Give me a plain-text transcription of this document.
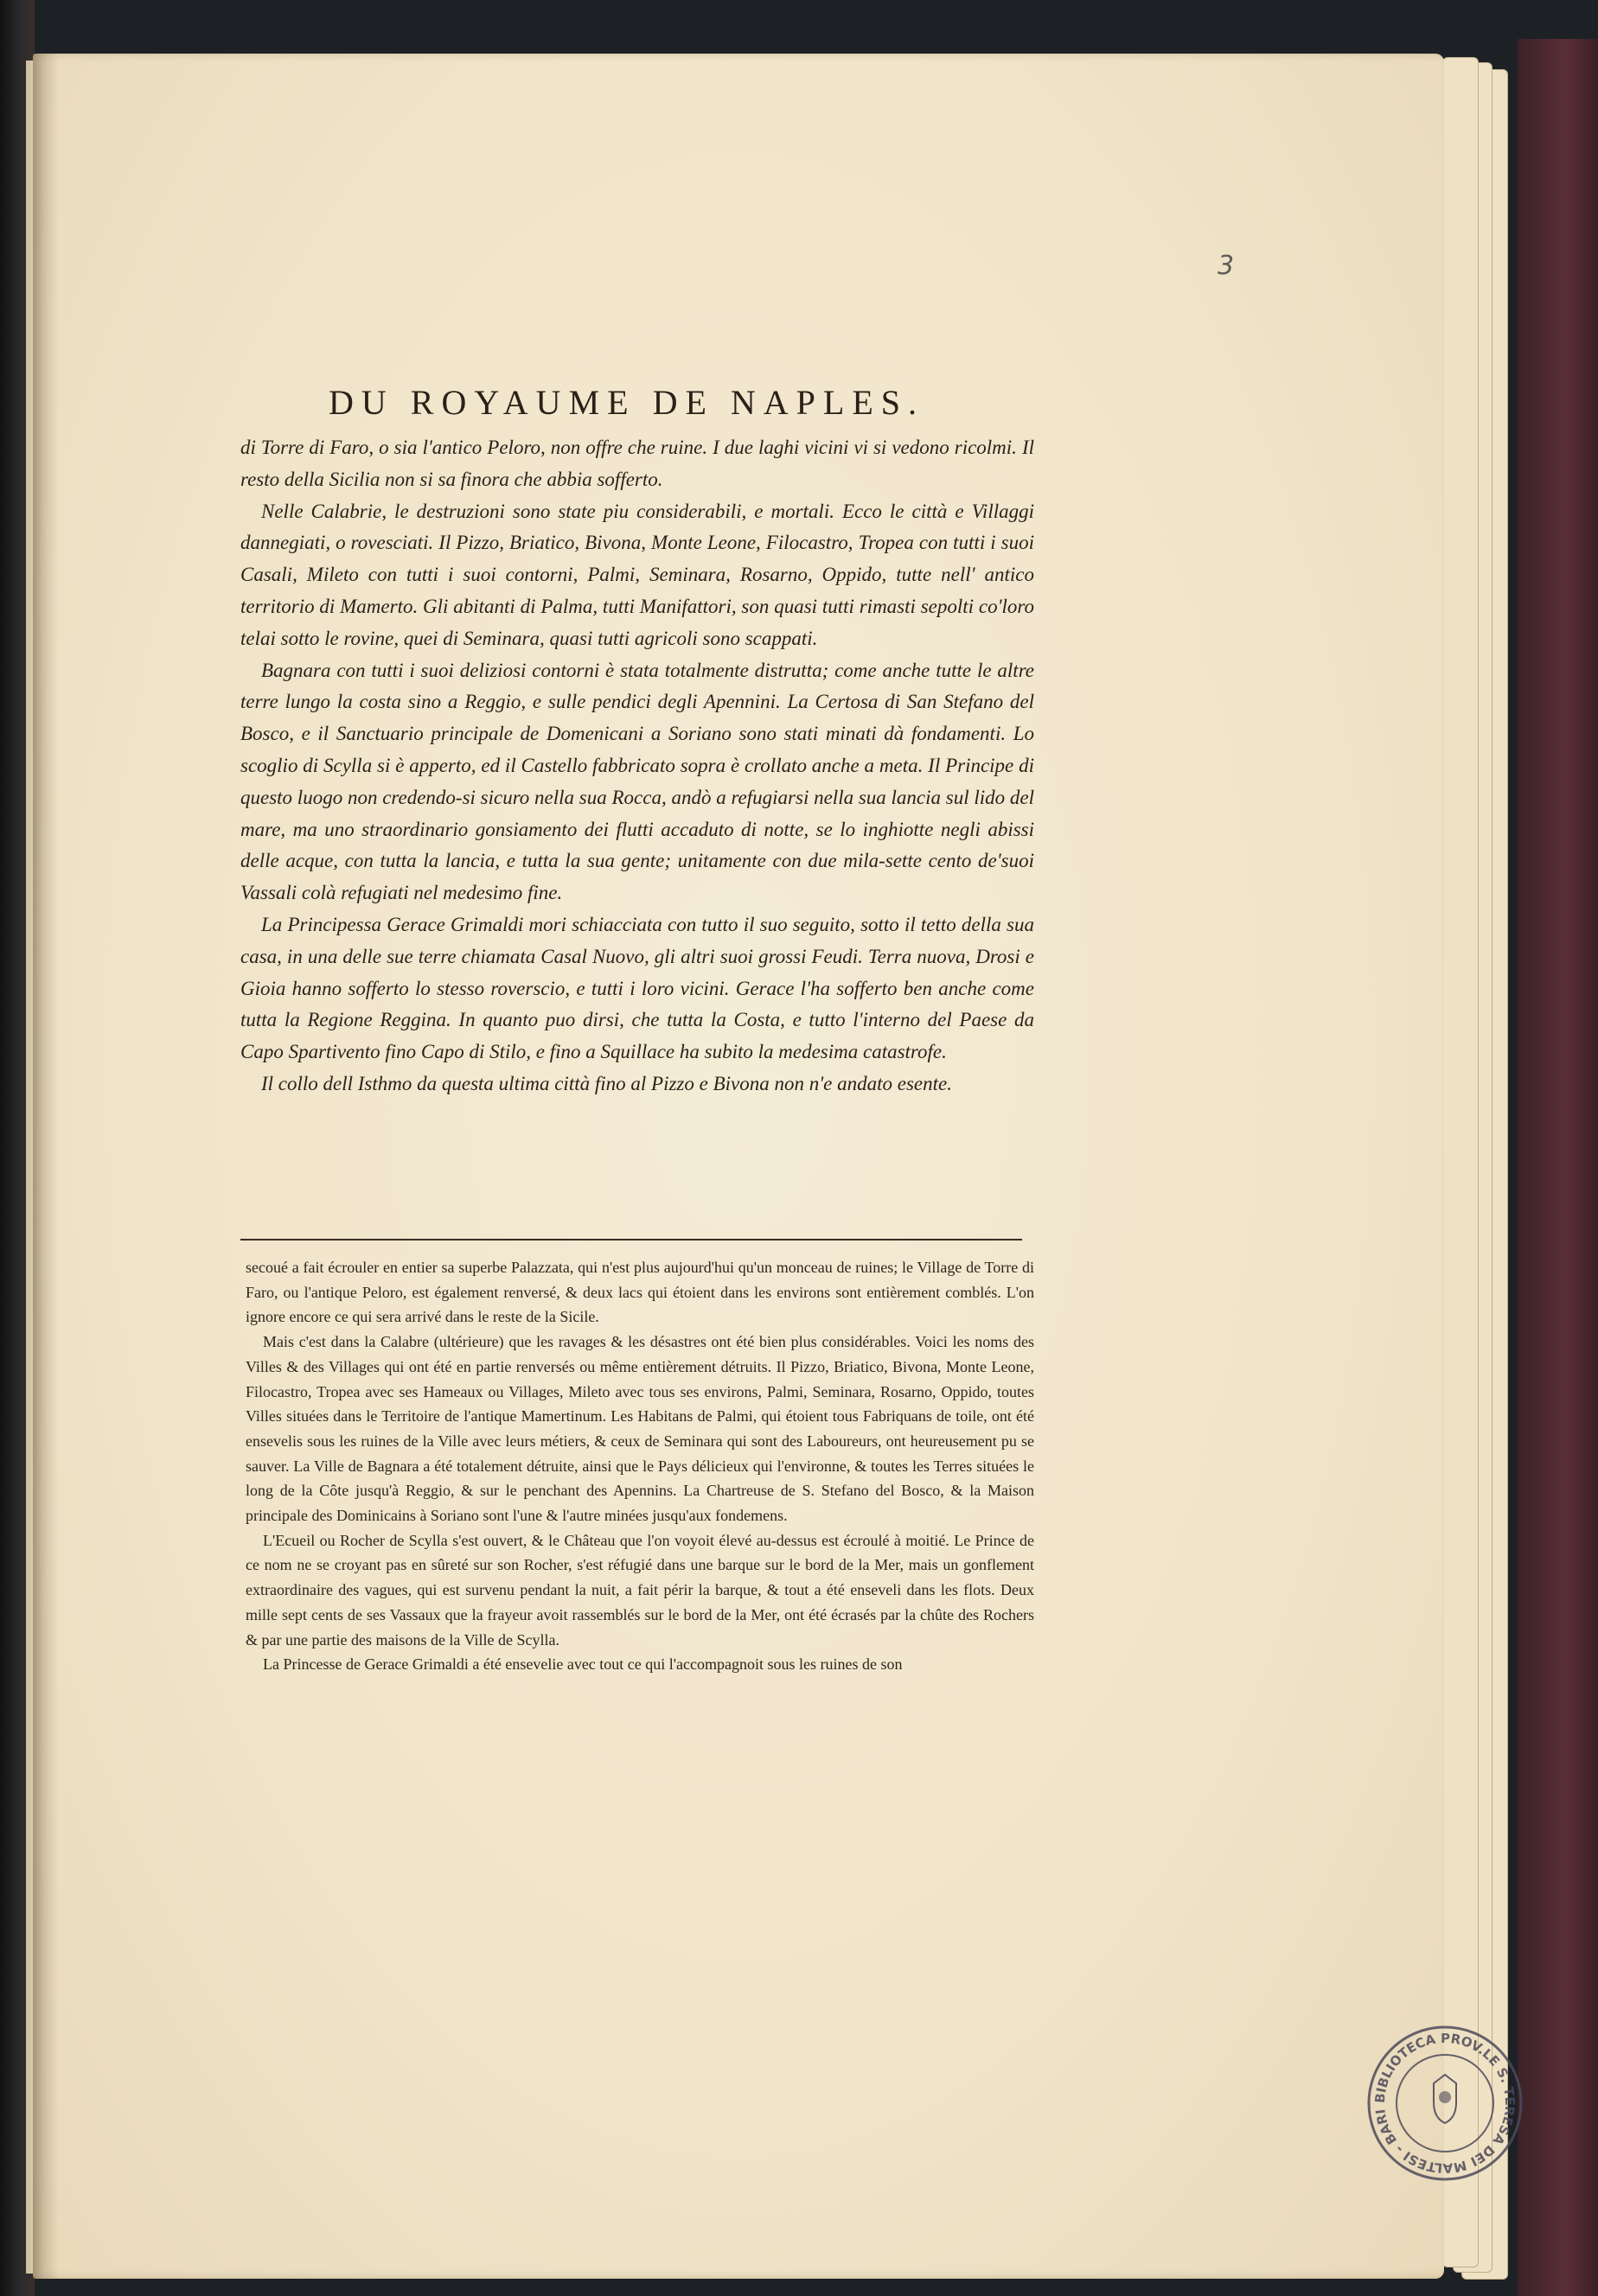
3
DU ROYAUME DE NAPLES.

di Torre di Faro, o sia l'antico Peloro, non offre che ruine. I due laghi vicini vi si vedono ricolmi. Il resto della Sicilia non si sa finora che abbia sofferto.

Nelle Calabrie, le destruzioni sono state piu considerabili, e mortali. Ecco le città e Villaggi dannegiati, o rovesciati. Il Pizzo, Briatico, Bivona, Monte Leone, Filocastro, Tropea con tutti i suoi Casali, Mileto con tutti i suoi contorni, Palmi, Seminara, Rosarno, Oppido, tutte nell' antico territorio di Mamerto. Gli abitanti di Palma, tutti Manifattori, son quasi tutti rimasti sepolti co'loro telai sotto le rovine, quei di Seminara, quasi tutti agricoli sono scappati.

Bagnara con tutti i suoi deliziosi contorni è stata totalmente distrutta; come anche tutte le altre terre lungo la costa sino a Reggio, e sulle pendici degli Apennini. La Certosa di San Stefano del Bosco, e il Sanctuario principale de Domenicani a Soriano sono stati minati dà fondamenti. Lo scoglio di Scylla si è apperto, ed il Castello fabbricato sopra è crollato anche a meta. Il Principe di questo luogo non credendo-si sicuro nella sua Rocca, andò a refugiarsi nella sua lancia sul lido del mare, ma uno straordinario gonsiamento dei flutti accaduto di notte, se lo inghiotte negli abissi delle acque, con tutta la lancia, e tutta la sua gente; unitamente con due mila-sette cento de'suoi Vassali colà refugiati nel medesimo fine.

La Principessa Gerace Grimaldi mori schiacciata con tutto il suo seguito, sotto il tetto della sua casa, in una delle sue terre chiamata Casal Nuovo, gli altri suoi grossi Feudi. Terra nuova, Drosi e Gioia hanno sofferto lo stesso roverscio, e tutti i loro vicini. Gerace l'ha sofferto ben anche come tutta la Regione Reggina. In quanto puo dirsi, che tutta la Costa, e tutto l'interno del Paese da Capo Spartivento fino Capo di Stilo, e fino a Squillace ha subito la medesima catastrofe.

Il collo dell Isthmo da questa ultima città fino al Pizzo e Bivona non n'e andato esente.

secoué a fait écrouler en entier sa superbe Palazzata, qui n'est plus aujourd'hui qu'un monceau de ruines; le Village de Torre di Faro, ou l'antique Peloro, est également renversé, & deux lacs qui étoient dans les environs sont entièrement comblés. L'on ignore encore ce qui sera arrivé dans le reste de la Sicile.

Mais c'est dans la Calabre (ultérieure) que les ravages & les désastres ont été bien plus considérables. Voici les noms des Villes & des Villages qui ont été en partie renversés ou même entièrement détruits. Il Pizzo, Briatico, Bivona, Monte Leone, Filocastro, Tropea avec ses Hameaux ou Villages, Mileto avec tous ses environs, Palmi, Seminara, Rosarno, Oppido, toutes Villes situées dans le Territoire de l'antique Mamertinum. Les Habitans de Palmi, qui étoient tous Fabriquans de toile, ont été ensevelis sous les ruines de la Ville avec leurs métiers, & ceux de Seminara qui sont des Laboureurs, ont heureusement pu se sauver. La Ville de Bagnara a été totalement détruite, ainsi que le Pays délicieux qui l'environne, & toutes les Terres situées le long de la Côte jusqu'à Reggio, & sur le penchant des Apennins. La Chartreuse de S. Stefano del Bosco, & la Maison principale des Dominicains à Soriano sont l'une & l'autre minées jusqu'aux fondemens.

L'Ecueil ou Rocher de Scylla s'est ouvert, & le Château que l'on voyoit élevé au-dessus est écroulé à moitié. Le Prince de ce nom ne se croyant pas en sûreté sur son Rocher, s'est réfugié dans une barque sur le bord de la Mer, mais un gonflement extraordinaire des vagues, qui est survenu pendant la nuit, a fait périr la barque, & tout a été enseveli dans les flots. Deux mille sept cents de ses Vassaux que la frayeur avoit rassemblés sur le bord de la Mer, ont été écrasés par la chûte des Rochers & par une partie des maisons de la Ville de Scylla.

La Princesse de Gerace Grimaldi a été ensevelie avec tout ce qui l'accompagnoit sous les ruines de son

BIBLIOTECA PROV.LE S. TERESA DEI MALTESI - BARI
